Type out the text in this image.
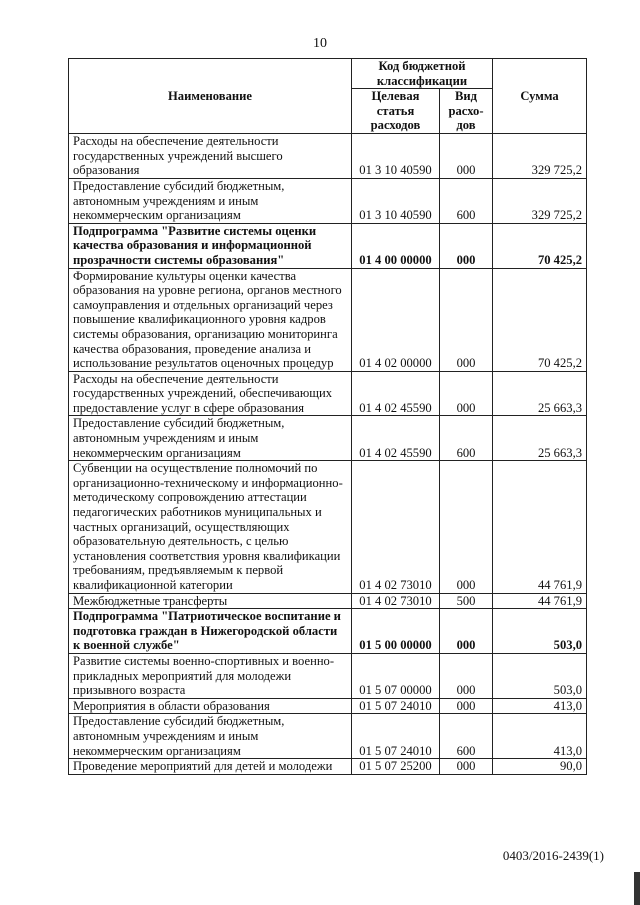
10
Наименование	Код бюджетной классификации		Сумма
	Целевая статья расходов	Вид расхо-дов	
Расходы на обеспечение деятельности государственных учреждений высшего образования	01 3 10 40590	000	329 725,2
Предоставление субсидий бюджетным, автономным учреждениям и иным некоммерческим организациям	01 3 10 40590	600	329 725,2
Подпрограмма "Развитие системы оценки качества образования и информационной прозрачности системы образования"	01 4 00 00000	000	70 425,2
Формирование культуры оценки качества образования на уровне региона, органов местного самоуправления и отдельных организаций через повышение квалификационного уровня кадров системы образования, организацию мониторинга качества образования, проведение анализа и использование результатов оценочных процедур	01 4 02 00000	000	70 425,2
Расходы на обеспечение деятельности государственных учреждений, обеспечивающих предоставление услуг в сфере образования	01 4 02 45590	000	25 663,3
Предоставление субсидий бюджетным, автономным учреждениям и иным некоммерческим организациям	01 4 02 45590	600	25 663,3
Субвенции на осуществление полномочий по организационно-техническому и информационно-методическому сопровождению аттестации педагогических работников муниципальных и частных организаций, осуществляющих образовательную деятельность, с целью установления соответствия уровня квалификации требованиям, предъявляемым к первой квалификационной категории	01 4 02 73010	000	44 761,9
Межбюджетные трансферты	01 4 02 73010	500	44 761,9
Подпрограмма "Патриотическое воспитание и подготовка граждан в Нижегородской области к военной службе"	01 5 00 00000	000	503,0
Развитие системы военно-спортивных и военно-прикладных мероприятий для молодежи призывного возраста	01 5 07 00000	000	503,0
Мероприятия в области образования	01 5 07 24010	000	413,0
Предоставление субсидий бюджетным, автономным учреждениям и иным некоммерческим организациям	01 5 07 24010	600	413,0
Проведение мероприятий для детей и молодежи	01 5 07 25200	000	90,0
0403/2016-2439(1)
